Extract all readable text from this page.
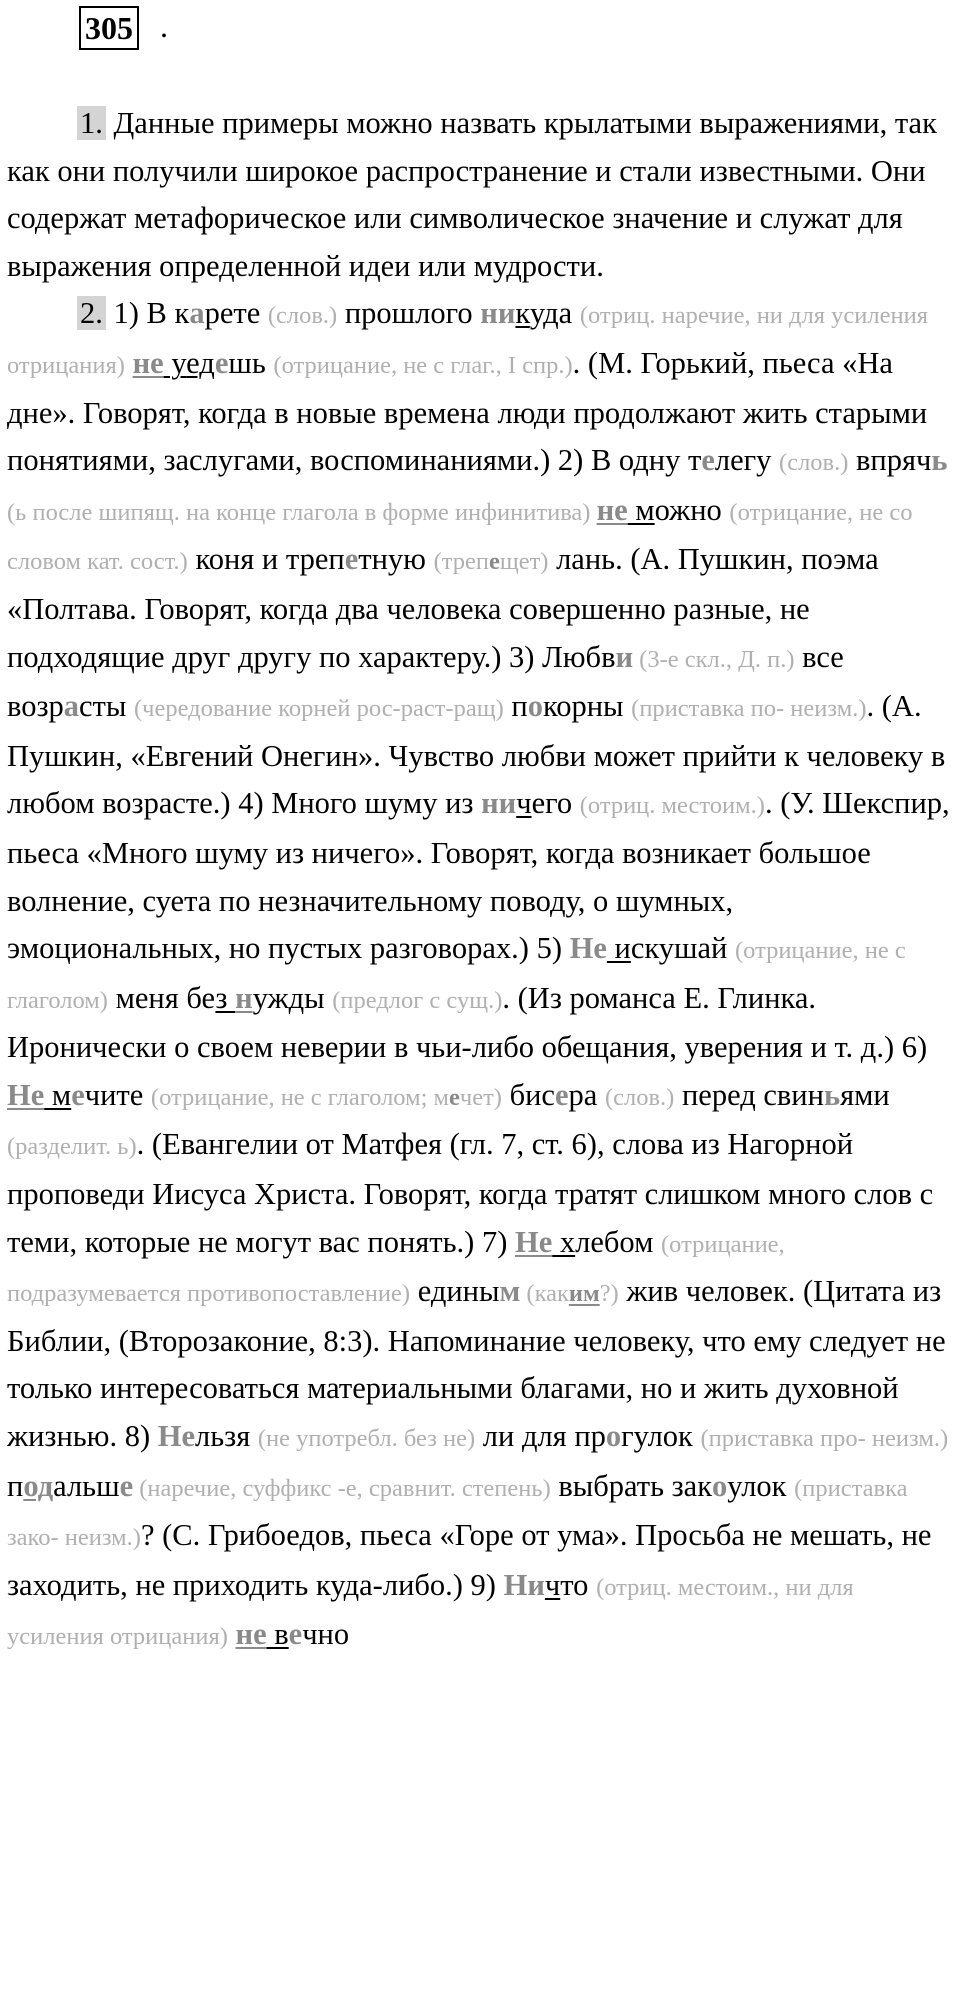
305 .

1. Данные примеры можно назвать крылатыми выражениями, так как они получили широкое распространение и стали известными. Они содержат метафорическое или символическое значение и служат для выражения определенной идеи или мудрости.

2. 1) В карете (слов.) прошлого никуда (отриц. наречие, ни для усиления отрицания) не уедешь (отрицание, не с глаг., I спр.). (М. Горький, пьеса «На дне». Говорят, когда в новые времена люди продолжают жить старыми понятиями, заслугами, воспоминаниями.) 2) В одну телегу (слов.) впрячь (ь после шипящ. на конце глагола в форме инфинитива) не можно (отрицание, не со словом кат. сост.) коня и трепетную (трепещет) лань. (А. Пушкин, поэма «Полтава. Говорят, когда два человека совершенно разные, не подходящие друг другу по характеру.) 3) Любви (3-е скл., Д. п.) все возрасты (чередование корней рос-раст-ращ) покорны (приставка по- неизм.). (А. Пушкин, «Евгений Онегин». Чувство любви может прийти к человеку в любом возрасте.) 4) Много шуму из ничего (отриц. местоим.). (У. Шекспир, пьеса «Много шуму из ничего». Говорят, когда возникает большое волнение, суета по незначительному поводу, о шумных, эмоциональных, но пустых разговорах.) 5) Не искушай (отрицание, не с глаголом) меня без нужды (предлог с сущ.). (Из романса Е. Глинка. Иронически о своем неверии в чьи-либо обещания, уверения и т. д.) 6) Не мечите (отрицание, не с глаголом; мечет) бисера (слов.) перед свиньями (разделит. ь). (Евангелии от Матфея (гл. 7, ст. 6), слова из Нагорной проповеди Иисуса Христа. Говорят, когда тратят слишком много слов с теми, которые не могут вас понять.) 7) Не хлебом (отрицание, подразумевается противопоставление) единым (каким?) жив человек. (Цитата из Библии, (Второзаконие, 8:3). Напоминание человеку, что ему следует не только интересоваться материальными благами, но и жить духовной жизнью. 8) Нельзя (не употребл. без не) ли для прогулок (приставка про- неизм.) подальше (наречие, суффикс -е, сравнит. степень) выбрать закоулок (приставка зако- неизм.)? (С. Грибоедов, пьеса «Горе от ума». Просьба не мешать, не заходить, не приходить куда-либо.) 9) Ничто (отриц. местоим., ни для усиления отрицания) не вечно
